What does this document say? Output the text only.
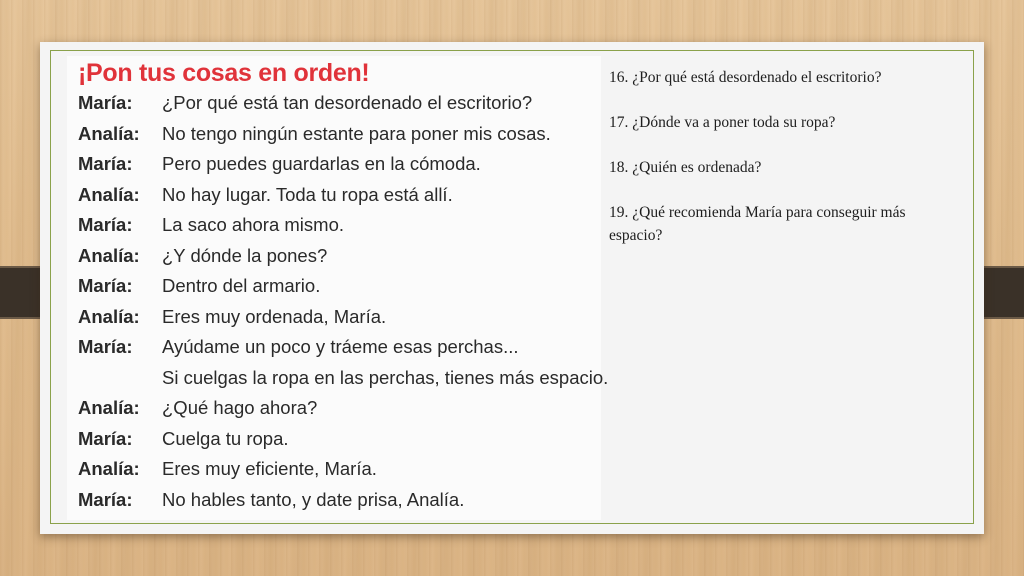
¡Pon tus cosas en orden!
María: ¿Por qué está tan desordenado el escritorio?
Analía: No tengo ningún estante para poner mis cosas.
María: Pero puedes guardarlas en la cómoda.
Analía: No hay lugar. Toda tu ropa está allí.
María: La saco ahora mismo.
Analía: ¿Y dónde la pones?
María: Dentro del armario.
Analía: Eres muy ordenada, María.
María: Ayúdame un poco y tráeme esas perchas...
Si cuelgas la ropa en las perchas, tienes más espacio.
Analía: ¿Qué hago ahora?
María: Cuelga tu ropa.
Analía: Eres muy eficiente, María.
María: No hables tanto, y date prisa, Analía.

16. ¿Por qué está desordenado el escritorio?

17. ¿Dónde va a poner toda su ropa?

18. ¿Quién es ordenada?

19. ¿Qué recomienda María para conseguir más espacio?
